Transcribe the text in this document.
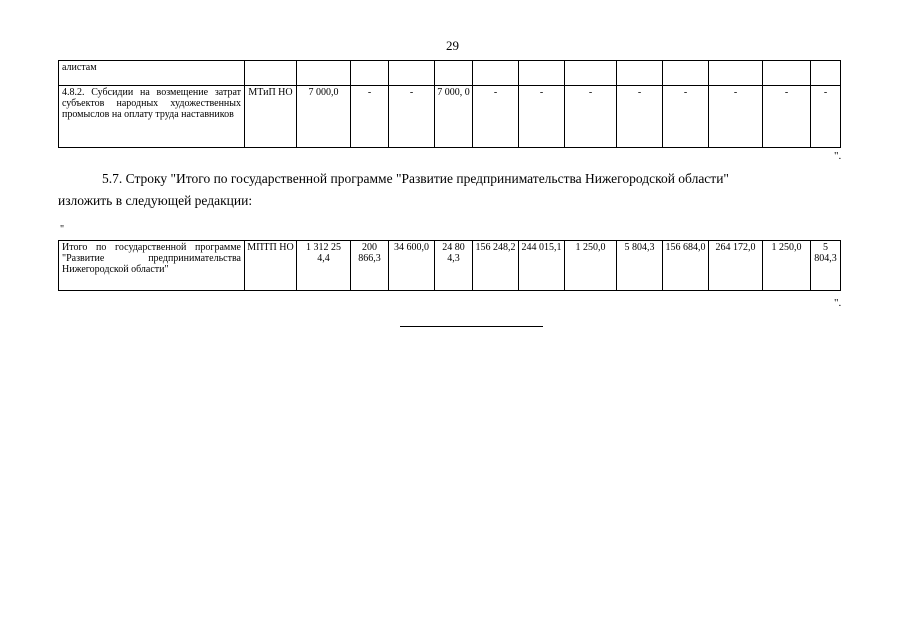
29
алистам													
4.8.2. Субсидии на возмещение затрат субъектов народных художественных промыслов на оплату труда наставников	МТиП НО	7 000,0	-	-	7 000, 0	-	-	-	-	-	-	-	-
".
5.7. Строку "Итого по государственной программе "Развитие предпринимательства Нижегородской области"
изложить в следующей редакции:
"
Итого по государственной программе "Развитие предпринимательства Нижегородской области"	МПТП НО	1 312 25 4,4	200 866,3	34 600,0	24 80 4,3	156 248,2	244 015,1	1 250,0	5 804,3	156 684,0	264 172,0	1 250,0	5 804,3
".
